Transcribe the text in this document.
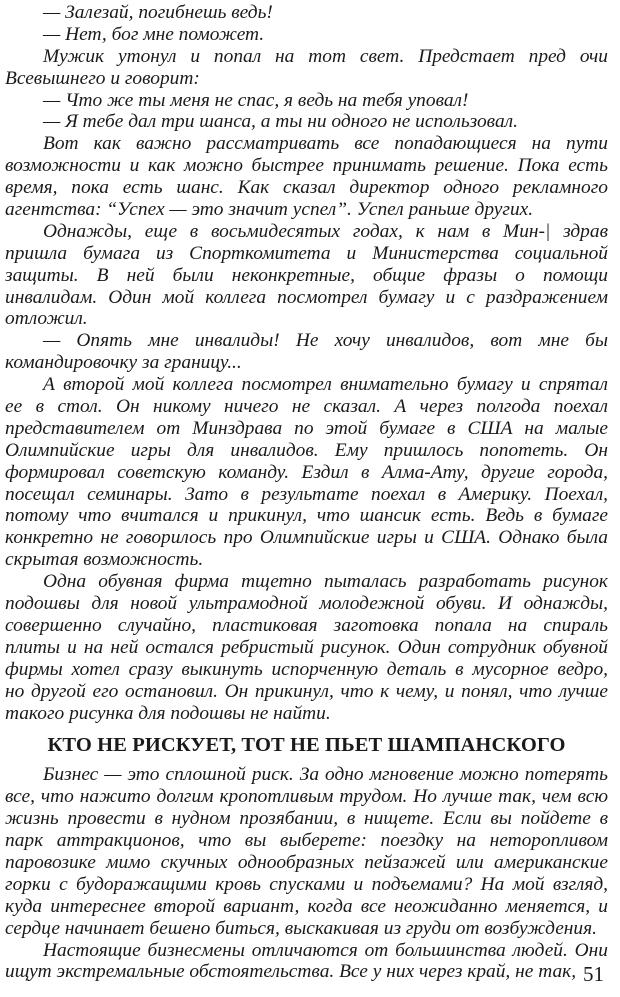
— Залезай, погибнешь ведь!
— Нет, бог мне поможет.
Мужик утонул и попал на тот свет. Предстает пред очи
Всевышнего и говорит:
— Что же ты меня не спас, я ведь на тебя уповал!
— Я тебе дал три шанса, а ты ни одного не использовал.
Вот как важно рассматривать все попадающиеся на пути
возможности и как можно быстрее принимать решение. Пока есть
время, пока есть шанс. Как сказал директор одного рекламного
агентства: “Успех — это значит успел”. Успел раньше других.
Однажды, еще в восьмидесятых годах, к нам в Мин-| здрав
пришла бумага из Спорткомитета и Министерства социальной
защиты. В ней были неконкретные, общие фразы о помощи
инвалидам. Один мой коллега посмотрел бумагу и с раздражением
отложил.
— Опять мне инвалиды! Не хочу инвалидов, вот мне бы
командировочку за границу...
А второй мой коллега посмотрел внимательно бумагу и спрятал
ее в стол. Он никому ничего не сказал. А через полгода поехал
представителем от Минздрава по этой бумаге в США на малые
Олимпийские игры для инвалидов. Ему пришлось попотеть. Он
формировал советскую команду. Ездил в Алма-Ату, другие города,
посещал семинары. Зато в результате поехал в Америку. Поехал,
потому что вчитался и прикинул, что шансик есть. Ведь в бумаге
конкретно не говорилось про Олимпийские игры и США. Однако была
скрытая возможность.
Одна обувная фирма тщетно пыталась разработать рисунок
подошвы для новой ультрамодной молодежной обуви. И однажды,
совершенно случайно, пластиковая заготовка попала на спираль
плиты и на ней остался ребристый рисунок. Один сотрудник обувной
фирмы хотел сразу выкинуть испорченную деталь в мусорное ведро,
но другой его остановил. Он прикинул, что к чему, и понял, что лучше
такого рисунка для подошвы не найти.
КТО НЕ РИСКУЕТ, ТОТ НЕ ПЬЕТ ШАМПАНСКОГО
Бизнес — это сплошной риск. За одно мгновение можно потерять
все, что нажито долгим кропотливым трудом. Но лучше так, чем всю
жизнь провести в нудном прозябании, в нищете. Если вы пойдете в
парк аттракционов, что вы выберете: поездку на неторопливом
паровозике мимо скучных однообразных пейзажей или американские
горки с будоражащими кровь спусками и подъемами? На мой взгляд,
куда интереснее второй вариант, когда все неожиданно меняется, и
сердце начинает бешено биться, выскакивая из груди от возбуждения.
Настоящие бизнесмены отличаются от большинства людей. Они
ищут экстремальные обстоятельства. Все у них через край, не так, 51
